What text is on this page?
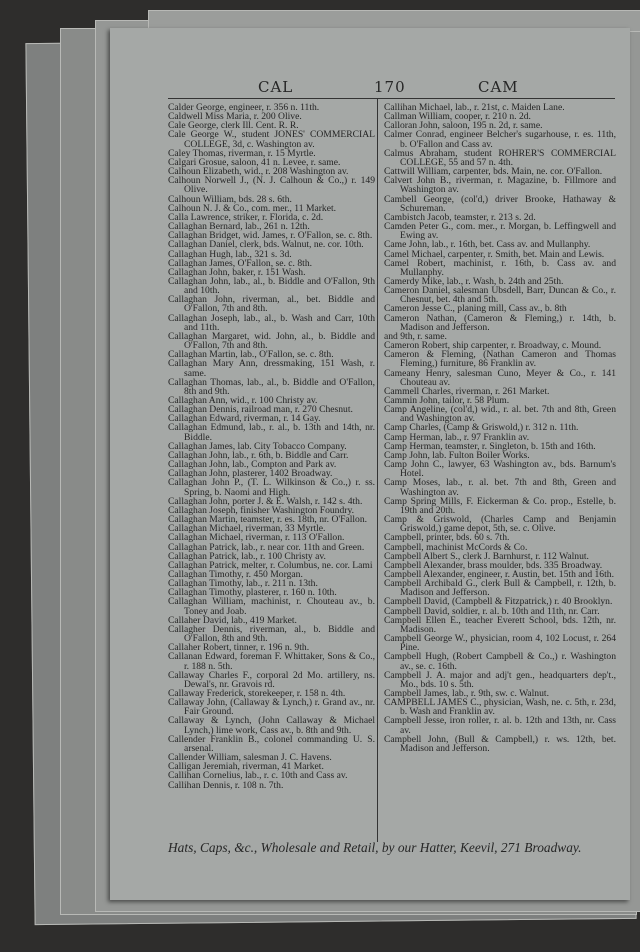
CAL	170	CAM
Calder George, engineer, r. 356 n. 11th.
Caldwell Miss Maria, r. 200 Olive.
Cale George, clerk Ill. Cent. R. R.
Cale George W., student JONES' COMMERCIAL COLLEGE, 3d, c. Washington av.
Caley Thomas, riverman, r. 15 Myrtle.
Calgari Grosue, saloon, 41 n. Levee, r. same.
Calhoun Elizabeth, wid., r. 208 Washington av.
Calhoun Norwell J., (N. J. Calhoun & Co.,) r. 149 Olive.
Calhoun William, bds. 28 s. 6th.
Calhoun N. J. & Co., com. mer., 11 Market.
Calla Lawrence, striker, r. Florida, c. 2d.
Callaghan Bernard, lab., 261 n. 12th.
Callaghan Bridget, wid. James, r. O'Fallon, se. c. 8th.
Callaghan Daniel, clerk, bds. Walnut, ne. cor. 10th.
Callaghan Hugh, lab., 321 s. 3d.
Callaghan James, O'Fallon, se. c. 8th.
Callaghan John, baker, r. 151 Wash.
Callaghan John, lab., al., b. Biddle and O'Fallon, 9th and 10th.
Callaghan John, riverman, al., bet. Biddle and O'Fallon, 7th and 8th.
Callaghan Joseph, lab., al., b. Wash and Carr, 10th and 11th.
Callaghan Margaret, wid. John, al., b. Biddle and O'Fallon, 7th and 8th.
Callaghan Martin, lab., O'Fallon, se. c. 8th.
Callaghan Mary Ann, dressmaking, 151 Wash, r. same.
Callaghan Thomas, lab., al., b. Biddle and O'Fallon, 8th and 9th.
Callaghan Ann, wid., r. 100 Christy av.
Callaghan Dennis, railroad man, r. 270 Chesnut.
Callaghan Edward, riverman, r. 14 Gay.
Callaghan Edmund, lab., r. al., b. 13th and 14th, nr. Biddle.
Callaghan James, lab. City Tobacco Company.
Callaghan John, lab., r. 6th, b. Biddle and Carr.
Callaghan John, lab., Compton and Park av.
Callaghan John, plasterer, 1402 Broadway.
Callaghan John P., (T. L. Wilkinson & Co.,) r. ss. Spring, b. Naomi and High.
Callaghan John, porter J. & E. Walsh, r. 142 s. 4th.
Callaghan Joseph, finisher Washington Foundry.
Callaghan Martin, teamster, r. es. 18th, nr. O'Fallon.
Callaghan Michael, riverman, 33 Myrtle.
Callaghan Michael, riverman, r. 113 O'Fallon.
Callaghan Patrick, lab., r. near cor. 11th and Green.
Callaghan Patrick, lab., r. 100 Christy av.
Callaghan Patrick, melter, r. Columbus, ne. cor. Lami
Callaghan Timothy, r. 450 Morgan.
Callaghan Timothy, lab., r. 211 n. 13th.
Callaghan Timothy, plasterer, r. 160 n. 10th.
Callaghan William, machinist, r. Chouteau av., b. Toney and Joab.
Callaher David, lab., 419 Market.
Callagher Dennis, riverman, al., b. Biddle and O'Fallon, 8th and 9th.
Callaher Robert, tinner, r. 196 n. 9th.
Callanan Edward, foreman F. Whittaker, Sons & Co., r. 188 n. 5th.
Callaway Charles F., corporal 2d Mo. artillery, ns. Dewal's, nr. Gravois rd.
Callaway Frederick, storekeeper, r. 158 n. 4th.
Callaway John, (Callaway & Lynch,) r. Grand av., nr. Fair Ground.
Callaway & Lynch, (John Callaway & Michael Lynch,) lime work, Cass av., b. 8th and 9th.
Callender Franklin B., colonel commanding U. S. arsenal.
Callender William, salesman J. C. Havens.
Calligan Jeremiah, riverman, 41 Market.
Callihan Cornelius, lab., r. c. 10th and Cass av.
Callihan Dennis, r. 108 n. 7th.
Callihan Michael, lab., r. 21st, c. Maiden Lane.
Callman William, cooper, r. 210 n. 2d.
Calloran John, saloon, 195 n. 2d, r. same.
Calmer Conrad, engineer Belcher's sugarhouse, r. es. 11th, b. O'Fallon and Cass av.
Calmus Abraham, student ROHRER'S COMMERCIAL COLLEGE, 55 and 57 n. 4th.
Cattwill William, carpenter, bds. Main, ne. cor. O'Fallon.
Calvert John B., riverman, r. Magazine, b. Fillmore and Washington av.
Cambell George, (col'd,) driver Brooke, Hathaway & Schureman.
Cambistch Jacob, teamster, r. 213 s. 2d.
Camden Peter G., com. mer., r. Morgan, b. Leffingwell and Ewing av.
Came John, lab., r. 16th, bet. Cass av. and Mullanphy.
Camel Michael, carpenter, r. Smith, bet. Main and Lewis.
Camel Robert, machinist, r. 16th, b. Cass av. and Mullanphy.
Camerdy Mike, lab., r. Wash, b. 24th and 25th.
Cameron Daniel, salesman Ubsdell, Barr, Duncan & Co., r. Chesnut, bet. 4th and 5th.
Cameron Jesse C., planing mill, Cass av., b. 8th
Cameron Nathan, (Cameron & Fleming,) r. 14th, b. Madison and Jefferson.
and 9th, r. same.
Cameron Robert, ship carpenter, r. Broadway, c. Mound.
Cameron & Fleming, (Nathan Cameron and Thomas Fleming,) furniture, 86 Franklin av.
Cameany Henry, salesman Cuno, Meyer & Co., r. 141 Chouteau av.
Cammell Charles, riverman, r. 261 Market.
Cammin John, tailor, r. 58 Plum.
Camp Angeline, (col'd,) wid., r. al. bet. 7th and 8th, Green and Washington av.
Camp Charles, (Camp & Griswold,) r. 312 n. 11th.
Camp Herman, lab., r. 97 Franklin av.
Camp Herman, teamster, r. Singleton, b. 15th and 16th.
Camp John, lab. Fulton Boiler Works.
Camp John C., lawyer, 63 Washington av., bds. Barnum's Hotel.
Camp Moses, lab., r. al. bet. 7th and 8th, Green and Washington av.
Camp Spring Mills, F. Eickerman & Co. prop., Estelle, b. 19th and 20th.
Camp & Griswold, (Charles Camp and Benjamin Griswold,) game depot, 5th, se. c. Olive.
Campbell, printer, bds. 60 s. 7th.
Campbell, machinist McCords & Co.
Campbell Albert S., clerk J. Barnhurst, r. 112 Walnut.
Campbell Alexander, brass moulder, bds. 335 Broadway.
Campbell Alexander, engineer, r. Austin, bet. 15th and 16th.
Campbell Archibald G., clerk Bull & Campbell, r. 12th, b. Madison and Jefferson.
Campbell David, (Campbell & Fitzpatrick,) r. 40 Brooklyn.
Campbell David, soldier, r. al. b. 10th and 11th, nr. Carr.
Campbell Ellen E., teacher Everett School, bds. 12th, nr. Madison.
Campbell George W., physician, room 4, 102 Locust, r. 264 Pine.
Campbell Hugh, (Robert Campbell & Co.,) r. Washington av., se. c. 16th.
Campbell J. A. major and adj't gen., headquarters dep't., Mo., bds. 10 s. 5th.
Campbell James, lab., r. 9th, sw. c. Walnut.
CAMPBELL JAMES C., physician, Wash, ne. c. 5th, r. 23d, b. Wash and Franklin av.
Campbell Jesse, iron roller, r. al. b. 12th and 13th, nr. Cass av.
Campbell John, (Bull & Campbell,) r. ws. 12th, bet. Madison and Jefferson.
Hats, Caps, &c., Wholesale and Retail, by our Hatter, Keevil, 271 Broadway.
